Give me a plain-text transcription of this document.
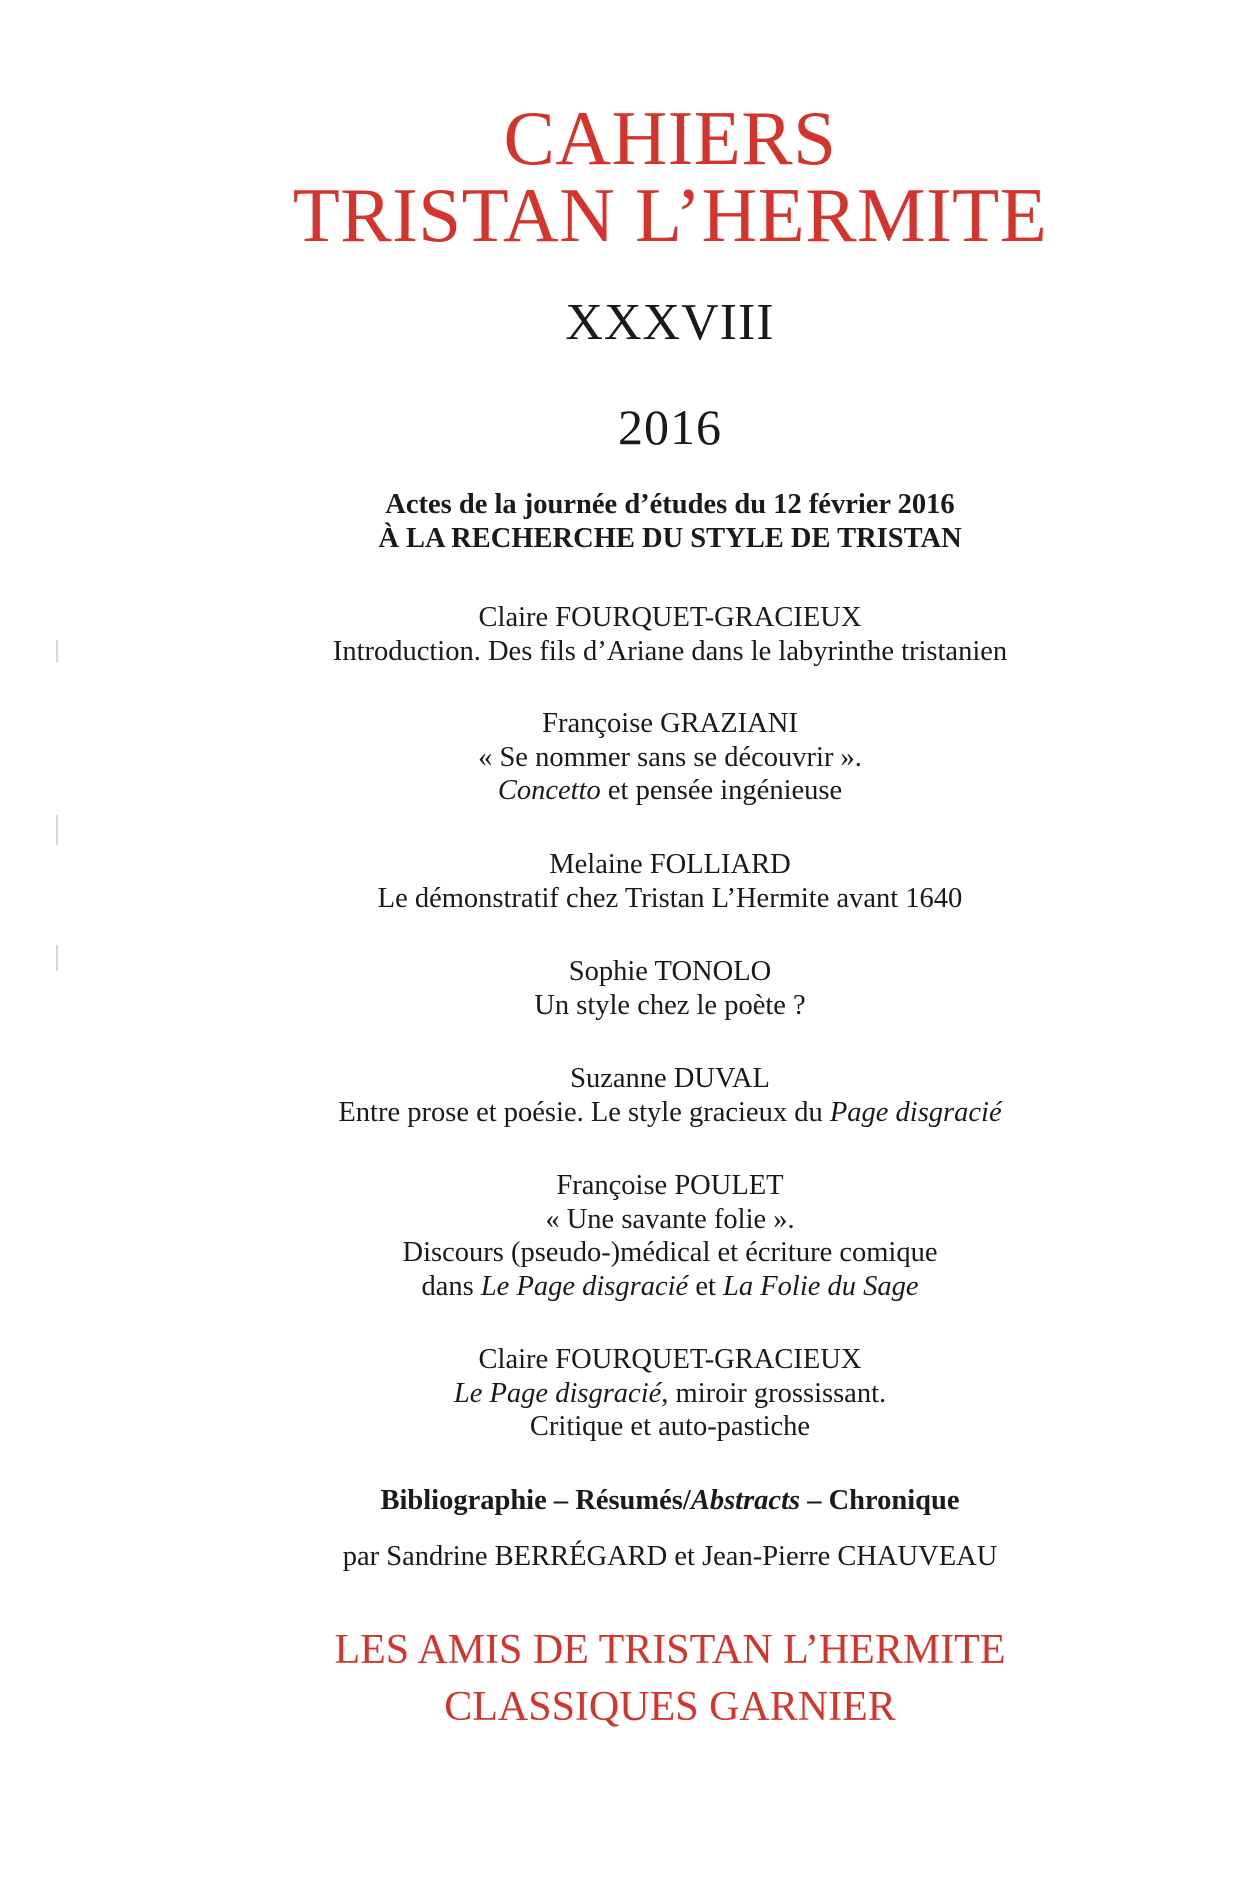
CAHIERS
TRISTAN L’HERMITE
XXXVIII
2016
Actes de la journée d’études du 12 février 2016
À LA RECHERCHE DU STYLE DE TRISTAN
Claire FOURQUET-GRACIEUX
Introduction. Des fils d’Ariane dans le labyrinthe tristanien
Françoise GRAZIANI
« Se nommer sans se découvrir ».
Concetto et pensée ingénieuse
Melaine FOLLIARD
Le démonstratif chez Tristan L’Hermite avant 1640
Sophie TONOLO
Un style chez le poète ?
Suzanne DUVAL
Entre prose et poésie. Le style gracieux du Page disgracié
Françoise POULET
« Une savante folie ».
Discours (pseudo-)médical et écriture comique
dans Le Page disgracié et La Folie du Sage
Claire FOURQUET-GRACIEUX
Le Page disgracié, miroir grossissant.
Critique et auto-pastiche
Bibliographie – Résumés/Abstracts – Chronique
par Sandrine BERRÉGARD et Jean-Pierre CHAUVEAU
LES AMIS DE TRISTAN L’HERMITE
CLASSIQUES GARNIER
